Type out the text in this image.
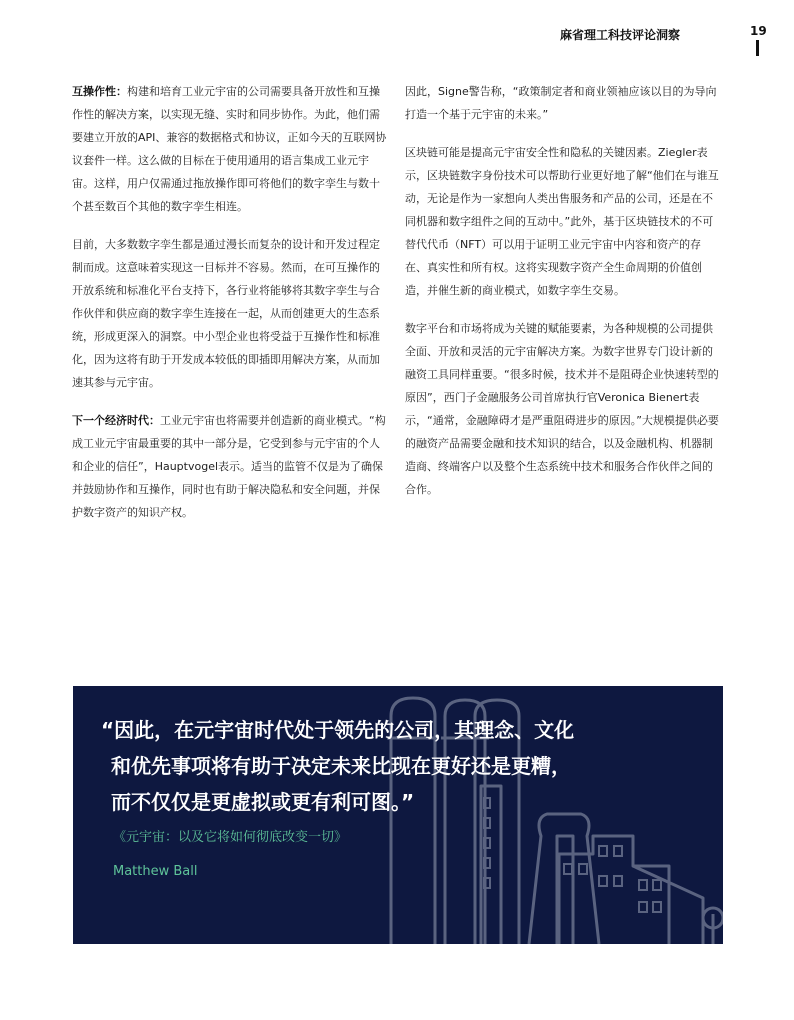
麻省理工科技评论洞察	19

互操作性：构建和培育工业元宇宙的公司需要具备开放性和互操作性的解决方案，以实现无缝、实时和同步协作。为此，他们需要建立开放的API、兼容的数据格式和协议，正如今天的互联网协议套件一样。这么做的目标在于使用通用的语言集成工业元宇宙。这样，用户仅需通过拖放操作即可将他们的数字孪生与数十个甚至数百个其他的数字孪生相连。

目前，大多数数字孪生都是通过漫长而复杂的设计和开发过程定制而成。这意味着实现这一目标并不容易。然而，在可互操作的开放系统和标准化平台支持下，各行业将能够将其数字孪生与合作伙伴和供应商的数字孪生连接在一起，从而创建更大的生态系统，形成更深入的洞察。中小型企业也将受益于互操作性和标准化，因为这将有助于开发成本较低的即插即用解决方案，从而加速其参与元宇宙。

下一个经济时代：工业元宇宙也将需要并创造新的商业模式。“构成工业元宇宙最重要的其中一部分是，它受到参与元宇宙的个人和企业的信任”，Hauptvogel表示。适当的监管不仅是为了确保并鼓励协作和互操作，同时也有助于解决隐私和安全问题，并保护数字资产的知识产权。

因此，Signe警告称，“政策制定者和商业领袖应该以目的为导向打造一个基于元宇宙的未来。”

区块链可能是提高元宇宙安全性和隐私的关键因素。Ziegler表示，区块链数字身份技术可以帮助行业更好地了解“他们在与谁互动，无论是作为一家想向人类出售服务和产品的公司，还是在不同机器和数字组件之间的互动中。”此外，基于区块链技术的不可替代代币（NFT）可以用于证明工业元宇宙中内容和资产的存在、真实性和所有权。这将实现数字资产全生命周期的价值创造，并催生新的商业模式，如数字孪生交易。

数字平台和市场将成为关键的赋能要素，为各种规模的公司提供全面、开放和灵活的元宇宙解决方案。为数字世界专门设计新的融资工具同样重要。“很多时候，技术并不是阻碍企业快速转型的原因”，西门子金融服务公司首席执行官Veronica Bienert表示，“通常，金融障碍才是严重阻碍进步的原因。”大规模提供必要的融资产品需要金融和技术知识的结合，以及金融机构、机器制造商、终端客户以及整个生态系统中技术和服务合作伙伴之间的合作。

“因此，在元宇宙时代处于领先的公司，其理念、文化
和优先事项将有助于决定未来比现在更好还是更糟，
而不仅仅是更虚拟或更有利可图。”

《元宇宙：以及它将如何彻底改变一切》
Matthew Ball
